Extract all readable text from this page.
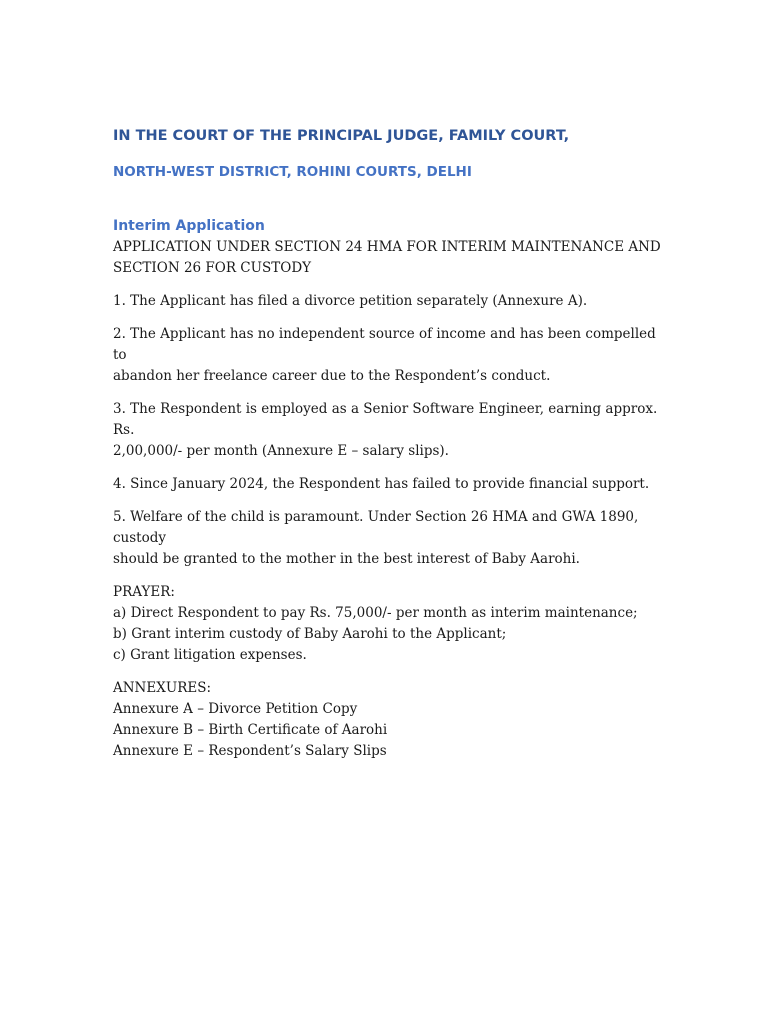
IN THE COURT OF THE PRINCIPAL JUDGE, FAMILY COURT,

NORTH-WEST DISTRICT, ROHINI COURTS, DELHI

Interim Application

APPLICATION UNDER SECTION 24 HMA FOR INTERIM MAINTENANCE AND
SECTION 26 FOR CUSTODY

1. The Applicant has filed a divorce petition separately (Annexure A).

2. The Applicant has no independent source of income and has been compelled to
abandon her freelance career due to the Respondent’s conduct.

3. The Respondent is employed as a Senior Software Engineer, earning approx. Rs.
2,00,000/- per month (Annexure E – salary slips).

4. Since January 2024, the Respondent has failed to provide financial support.

5. Welfare of the child is paramount. Under Section 26 HMA and GWA 1890, custody
should be granted to the mother in the best interest of Baby Aarohi.

PRAYER:
a) Direct Respondent to pay Rs. 75,000/- per month as interim maintenance;
b) Grant interim custody of Baby Aarohi to the Applicant;
c) Grant litigation expenses.
ANNEXURES:
Annexure A – Divorce Petition Copy
Annexure B – Birth Certificate of Aarohi
Annexure E – Respondent’s Salary Slips
